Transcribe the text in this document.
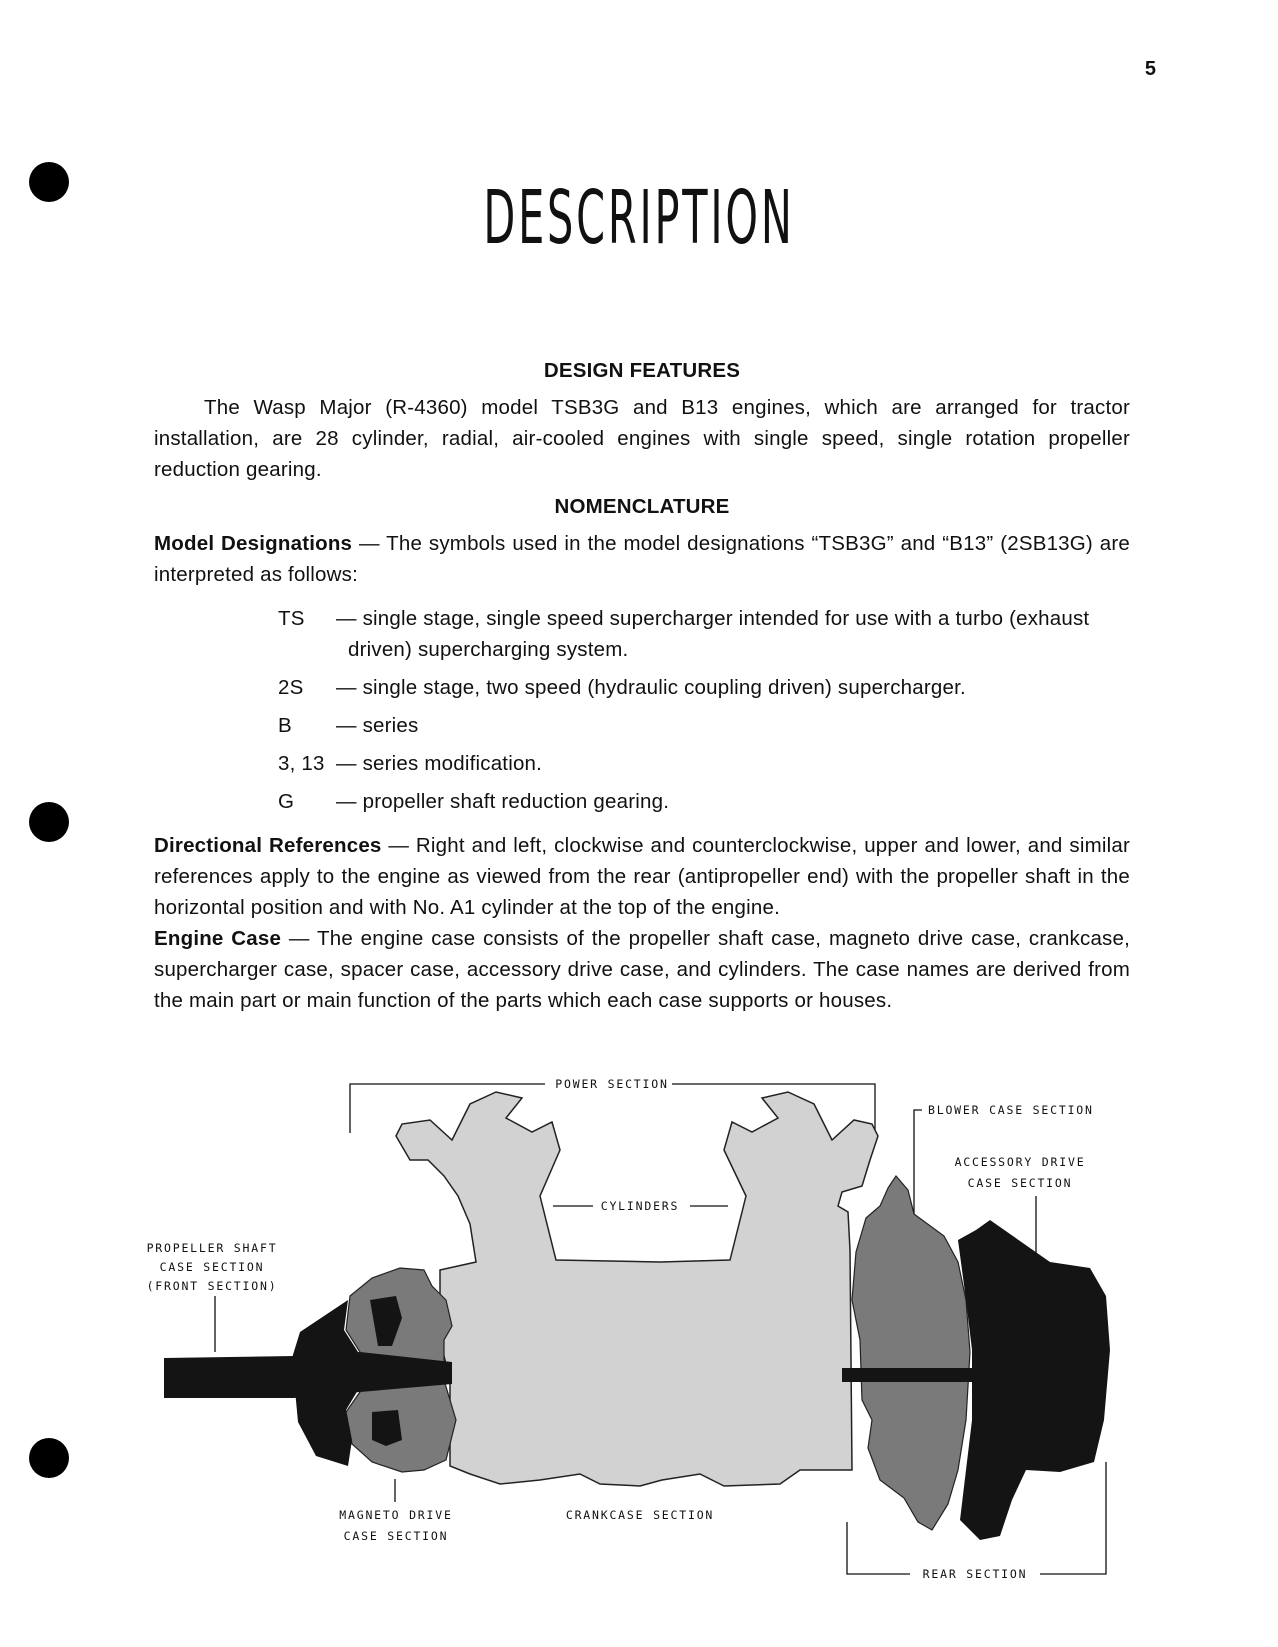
5
DESCRIPTION
DESIGN FEATURES

The Wasp Major (R-4360) model TSB3G and B13 engines, which are arranged for tractor installation, are 28 cylinder, radial, air-cooled engines with single speed, single rotation propeller reduction gearing.

NOMENCLATURE

Model Designations — The symbols used in the model designations “TSB3G” and “B13” (2SB13G) are interpreted as follows:

TS	— single stage, single speed supercharger intended for use with a turbo (exhaust
driven) supercharging system.
2S	— single stage, two speed (hydraulic coupling driven) supercharger.
B	— series
3, 13 — series modification.
G	— propeller shaft reduction gearing.

Directional References — Right and left, clockwise and counterclockwise, upper and lower, and similar references apply to the engine as viewed from the rear (antipropeller end) with the propeller shaft in the horizontal position and with No. A1 cylinder at the top of the engine.

Engine Case — The engine case consists of the propeller shaft case, magneto drive case, crankcase, supercharger case, spacer case, accessory drive case, and cylinders. The case names are derived from the main part or main function of the parts which each case supports or houses.

POWER SECTION
BLOWER CASE SECTION
ACCESSORY DRIVE
CASE SECTION
CYLINDERS
PROPELLER SHAFT
CASE SECTION
(FRONT SECTION)
MAGNETO DRIVE
CASE SECTION
CRANKCASE SECTION
REAR SECTION
